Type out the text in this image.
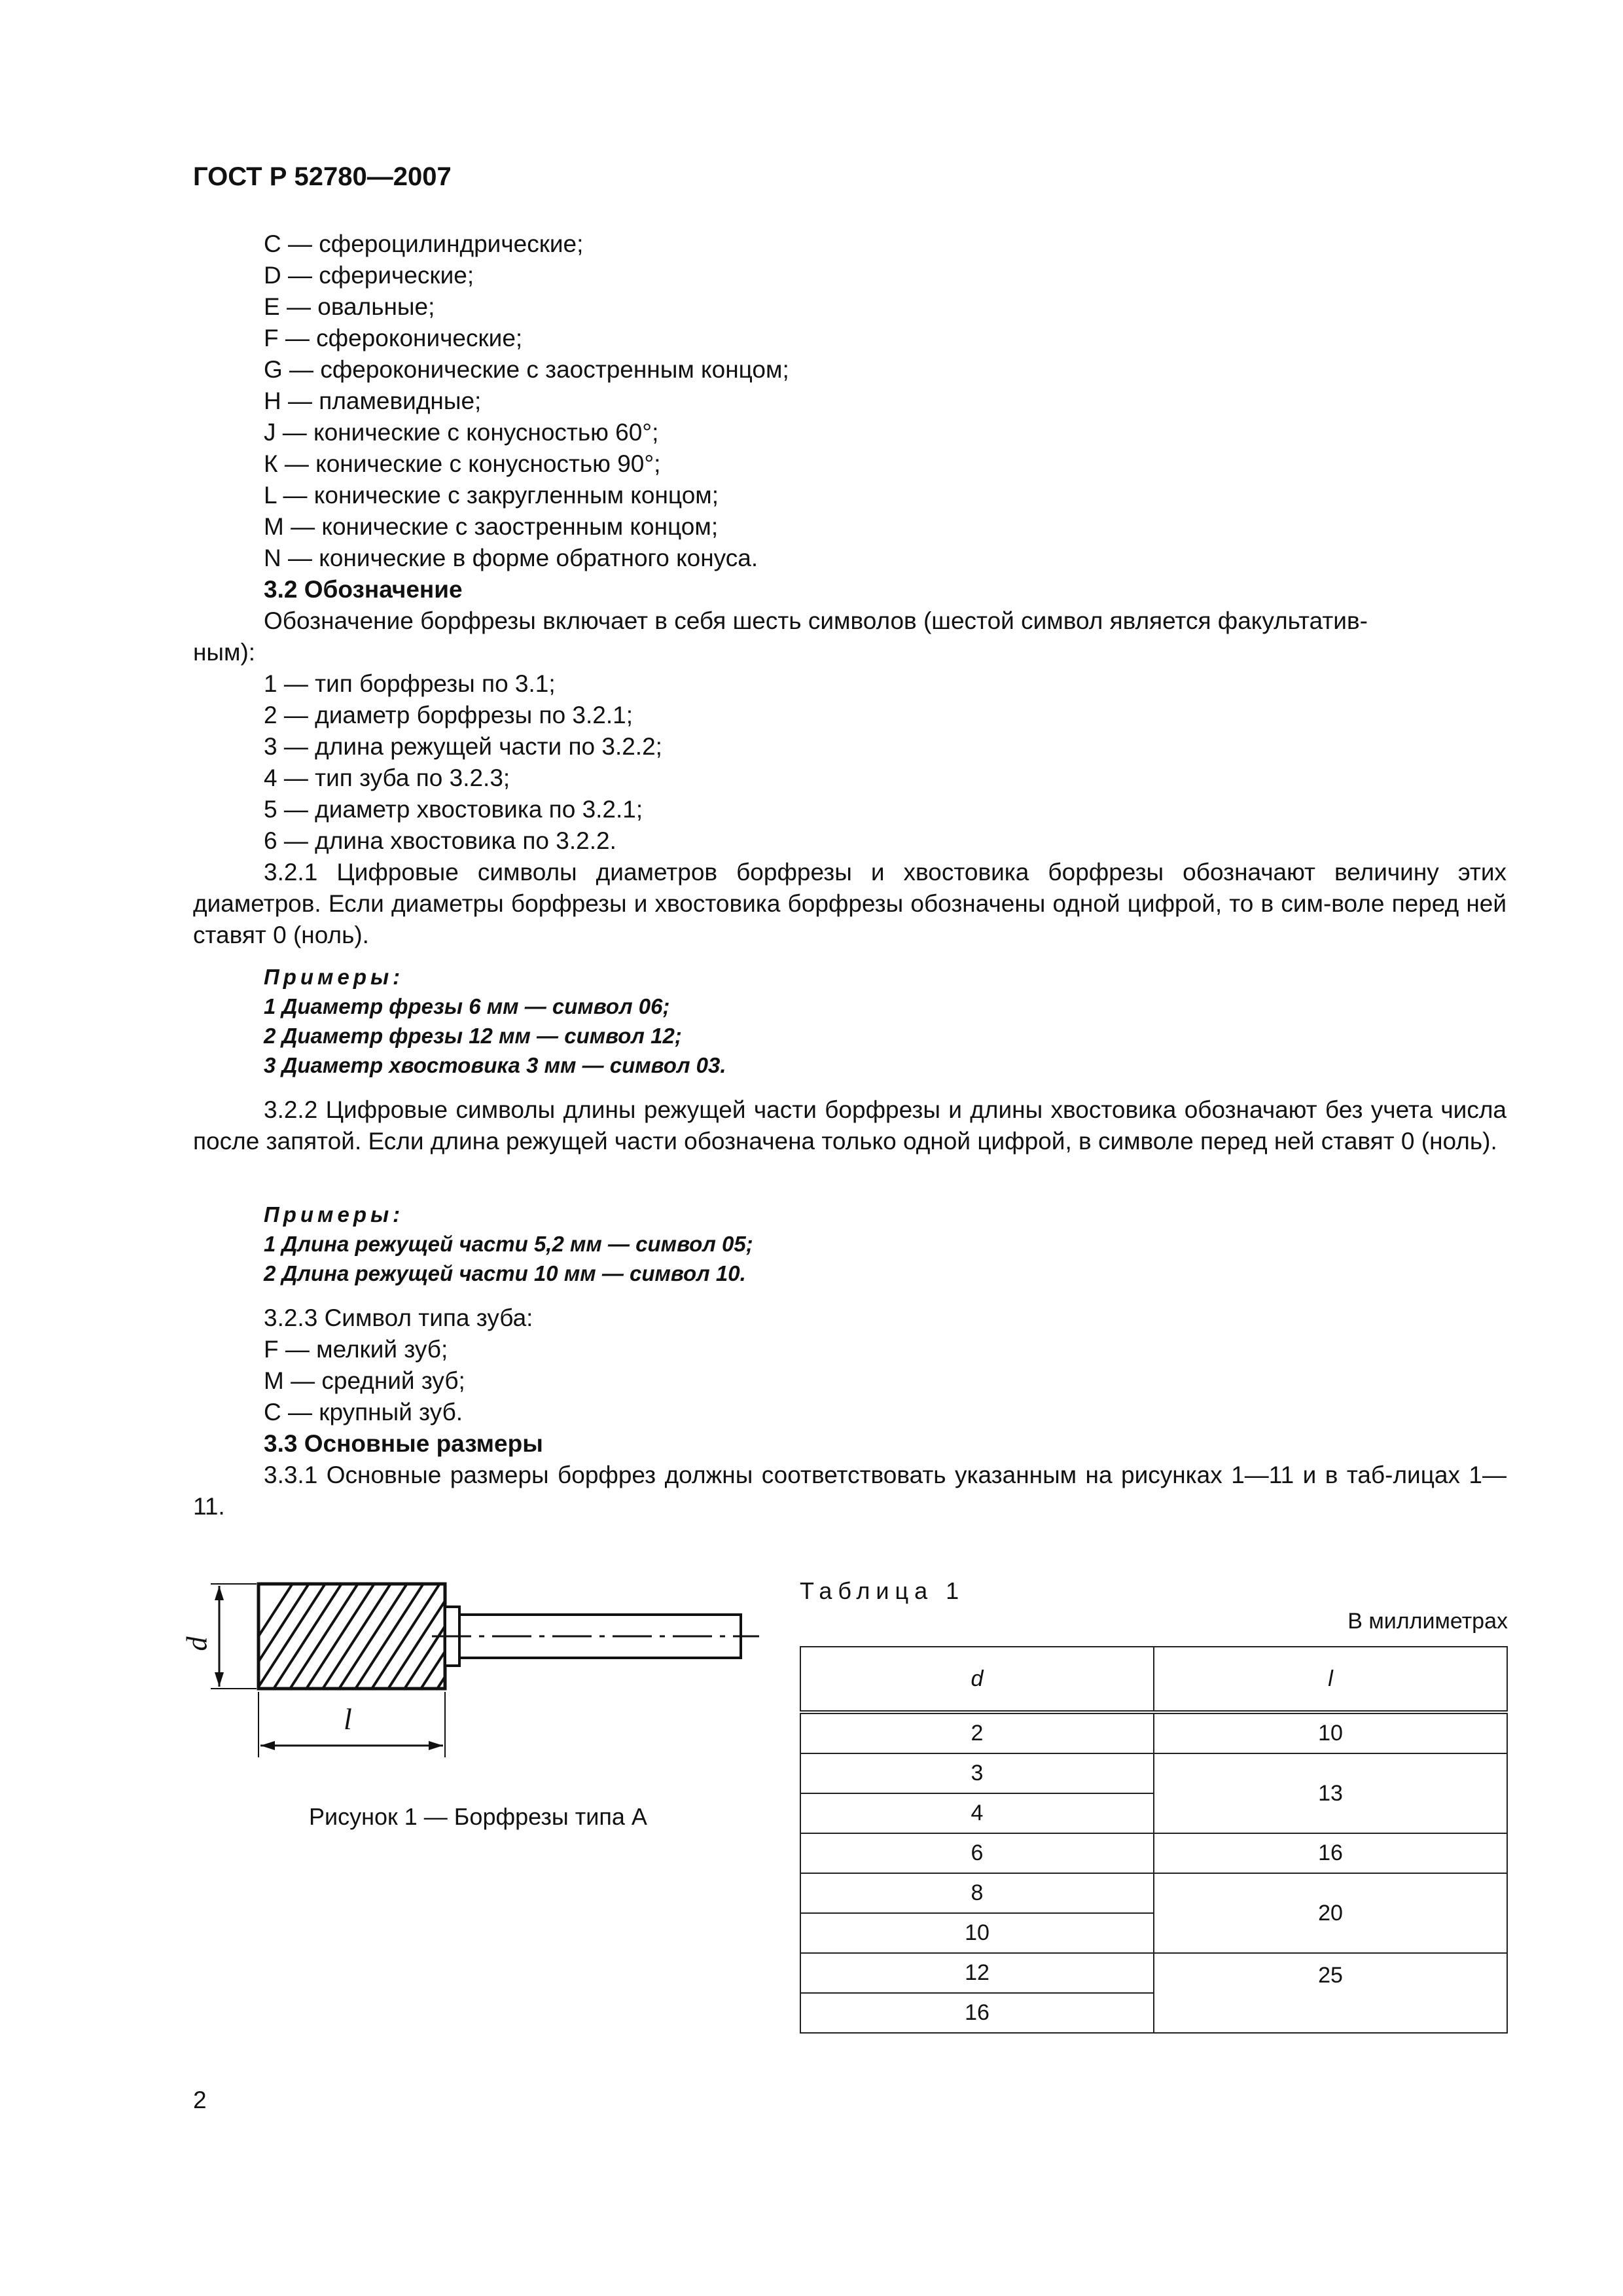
ГОСТ Р 52780—2007
С — сфероцилиндрические;
D — сферические;
Е — овальные;
F — сфероконические;
G — сфероконические с заостренным концом;
Н — пламевидные;
J — конические с конусностью 60°;
К — конические с конусностью 90°;
L — конические с закругленным концом;
М — конические с заостренным концом;
N — конические в форме обратного конуса.
3.2 Обозначение
Обозначение борфрезы включает в себя шесть символов (шестой символ является факультатив-
ным):
1 — тип борфрезы по 3.1;
2 — диаметр борфрезы по 3.2.1;
3 — длина режущей части по 3.2.2;
4 — тип зуба по 3.2.3;
5 — диаметр хвостовика по 3.2.1;
6 — длина хвостовика по 3.2.2.
3.2.1 Цифровые символы диаметров борфрезы и хвостовика борфрезы обозначают величину этих диаметров. Если диаметры борфрезы и хвостовика борфрезы обозначены одной цифрой, то в сим-воле перед ней ставят 0 (ноль).
Примеры:
1 Диаметр фрезы 6 мм — символ 06;
2 Диаметр фрезы 12 мм — символ 12;
3 Диаметр хвостовика 3 мм — символ 03.
3.2.2 Цифровые символы длины режущей части борфрезы и длины хвостовика обозначают без учета числа после запятой. Если длина режущей части обозначена только одной цифрой, в символе перед ней ставят 0 (ноль).
Примеры:
1 Длина режущей части 5,2 мм — символ 05;
2 Длина режущей части 10 мм — символ 10.
3.2.3 Символ типа зуба:
F — мелкий зуб;
М — средний зуб;
С — крупный зуб.
3.3 Основные размеры
3.3.1 Основные размеры борфрез должны соответствовать указанным на рисунках 1—11 и в таб-лицах 1—11.
d
l
Рисунок 1 — Борфрезы типа А
Таблица 1
В миллиметрах
d	l
2	10
3	13
4	
6	16
8	20
10	
12	25
16	
2
